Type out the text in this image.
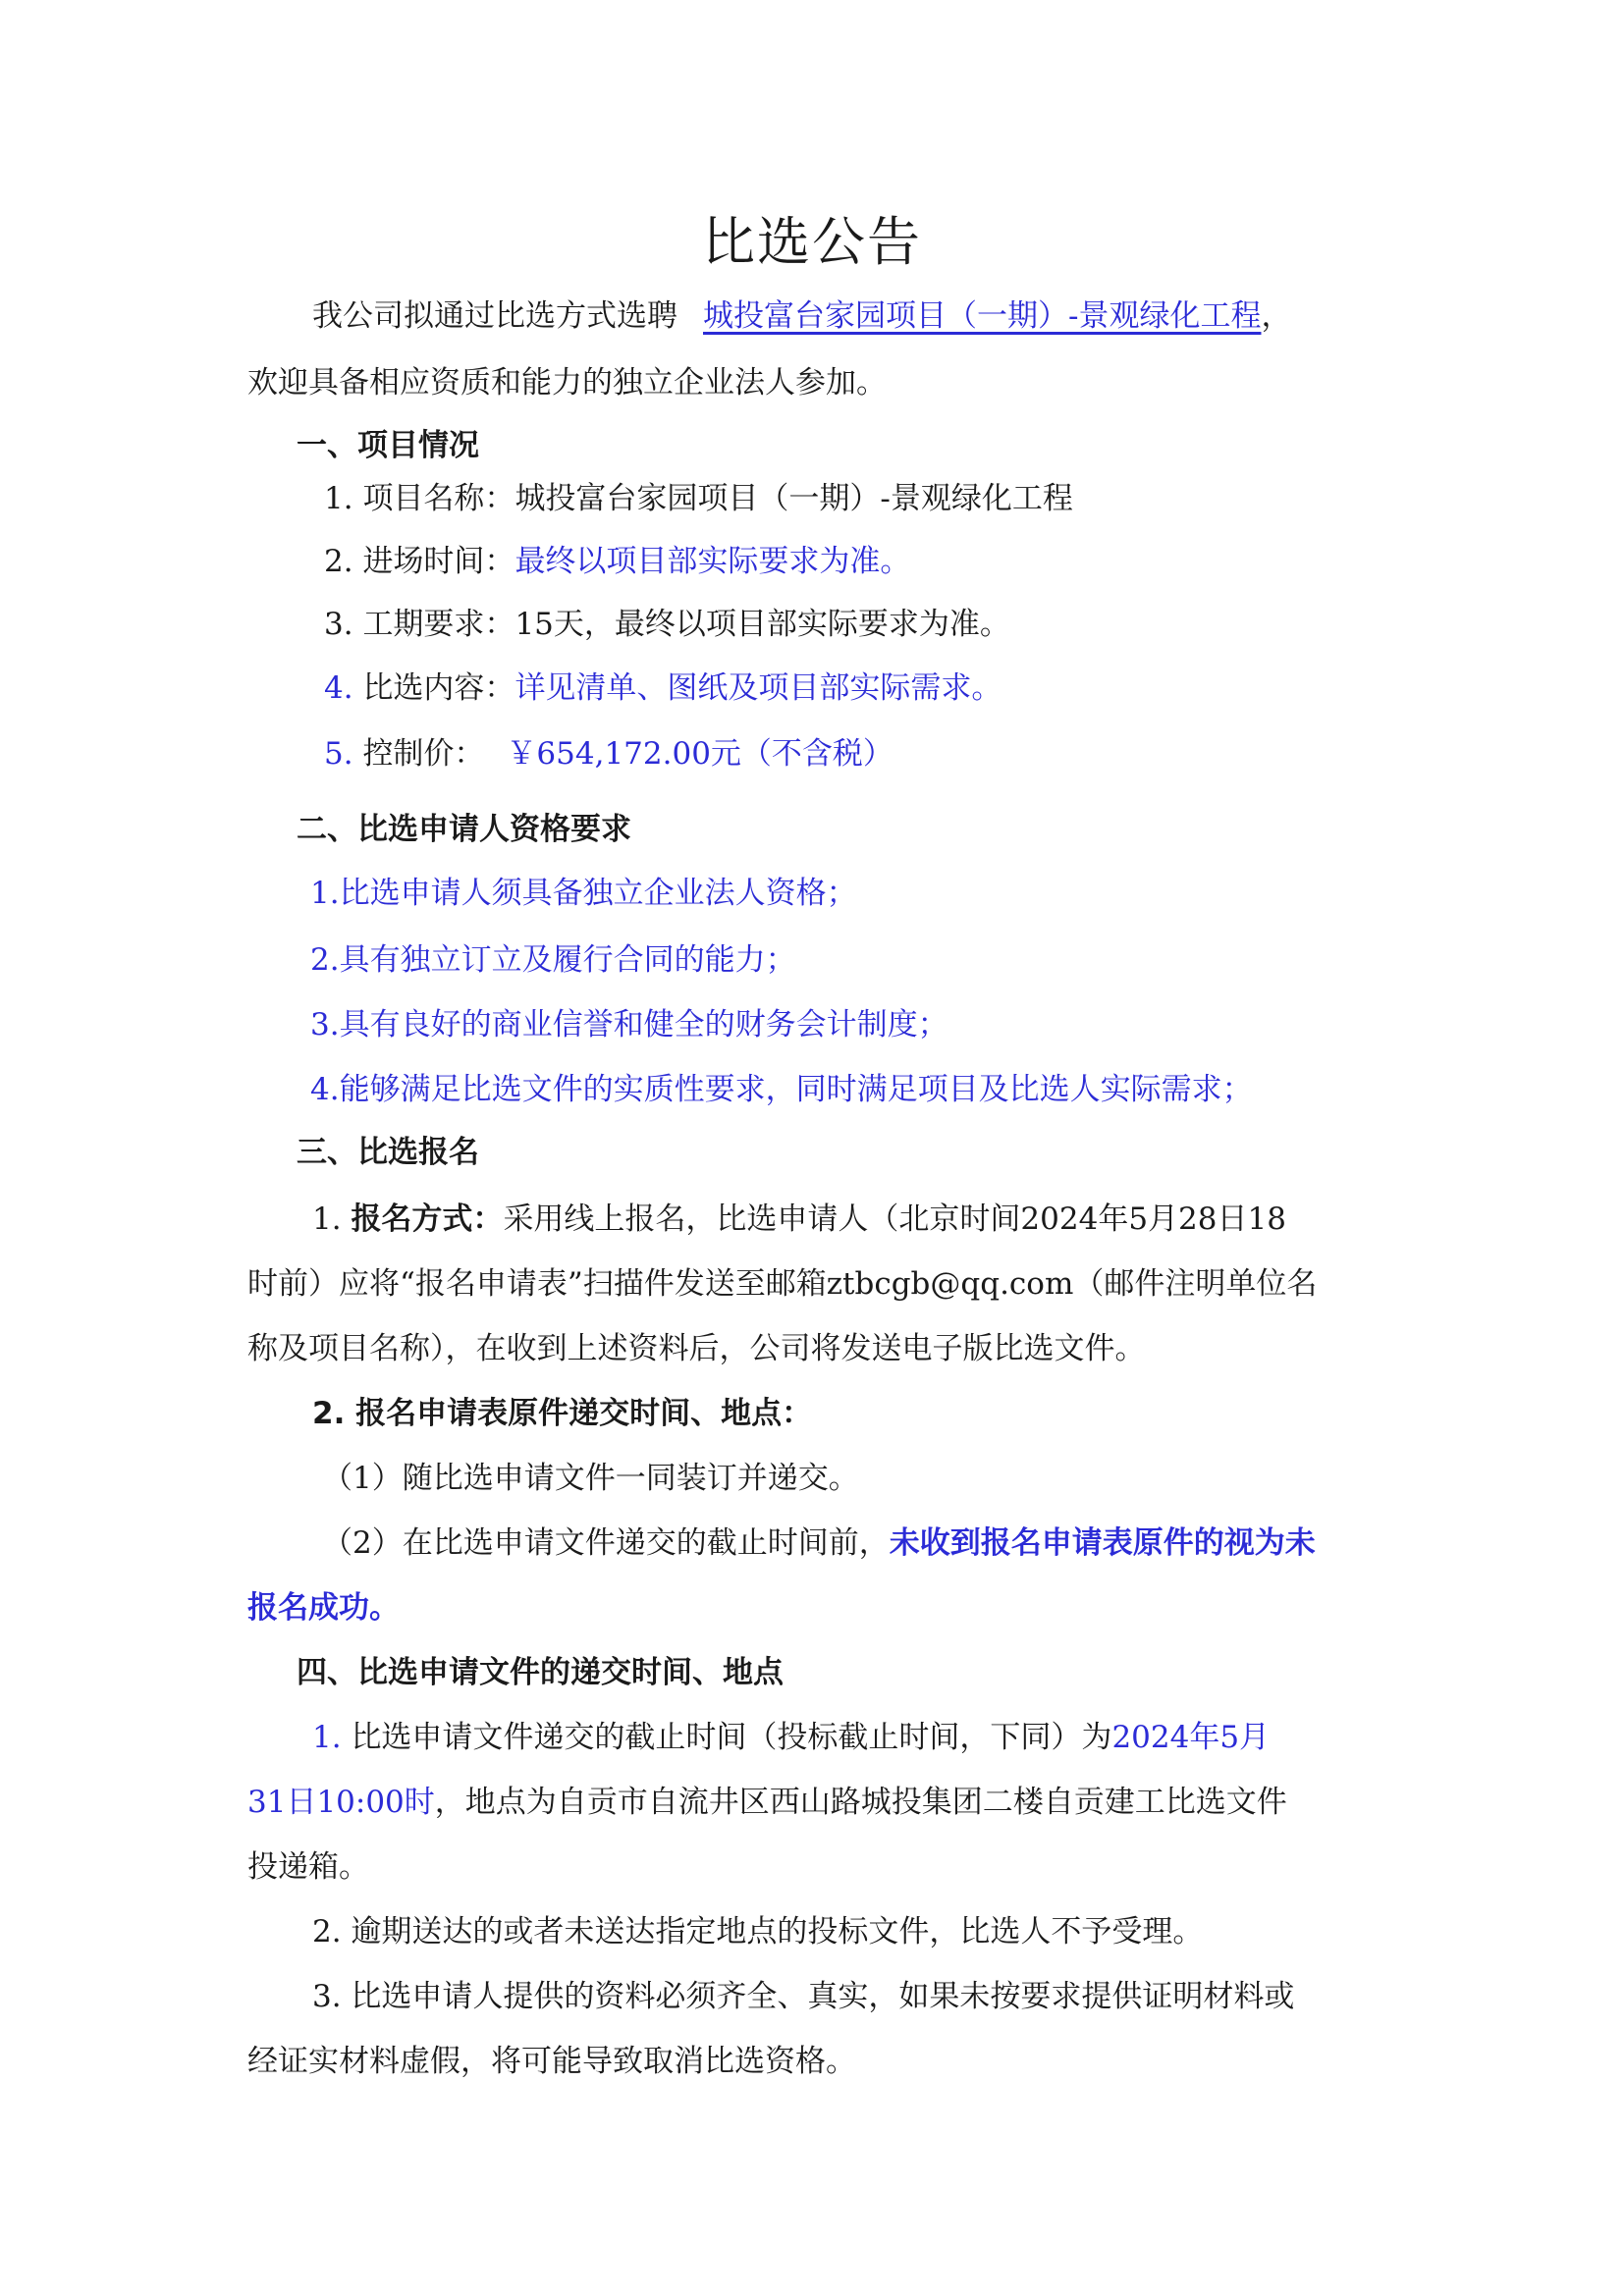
比选公告
我公司拟通过比选方式选聘 城投富台家园项目（一期）-景观绿化工程，
欢迎具备相应资质和能力的独立企业法人参加。
一、项目情况
1. 项目名称：城投富台家园项目（一期）-景观绿化工程
2. 进场时间：最终以项目部实际要求为准。
3. 工期要求：15天，最终以项目部实际要求为准。
4. 比选内容：详见清单、图纸及项目部实际需求。
5. 控制价： ￥654,172.00元（不含税）
二、比选申请人资格要求
1.比选申请人须具备独立企业法人资格；
2.具有独立订立及履行合同的能力；
3.具有良好的商业信誉和健全的财务会计制度；
4.能够满足比选文件的实质性要求，同时满足项目及比选人实际需求；
三、比选报名
1. 报名方式：采用线上报名，比选申请人（北京时间2024年5月28日18
时前）应将“报名申请表”扫描件发送至邮箱ztbcgb@qq.com（邮件注明单位名
称及项目名称），在收到上述资料后，公司将发送电子版比选文件。
2. 报名申请表原件递交时间、地点：
（1）随比选申请文件一同装订并递交。
（2）在比选申请文件递交的截止时间前，未收到报名申请表原件的视为未
报名成功。
四、比选申请文件的递交时间、地点
1. 比选申请文件递交的截止时间（投标截止时间，下同）为2024年5月
31日10:00时，地点为自贡市自流井区西山路城投集团二楼自贡建工比选文件
投递箱。
2. 逾期送达的或者未送达指定地点的投标文件，比选人不予受理。
3. 比选申请人提供的资料必须齐全、真实，如果未按要求提供证明材料或
经证实材料虚假，将可能导致取消比选资格。
